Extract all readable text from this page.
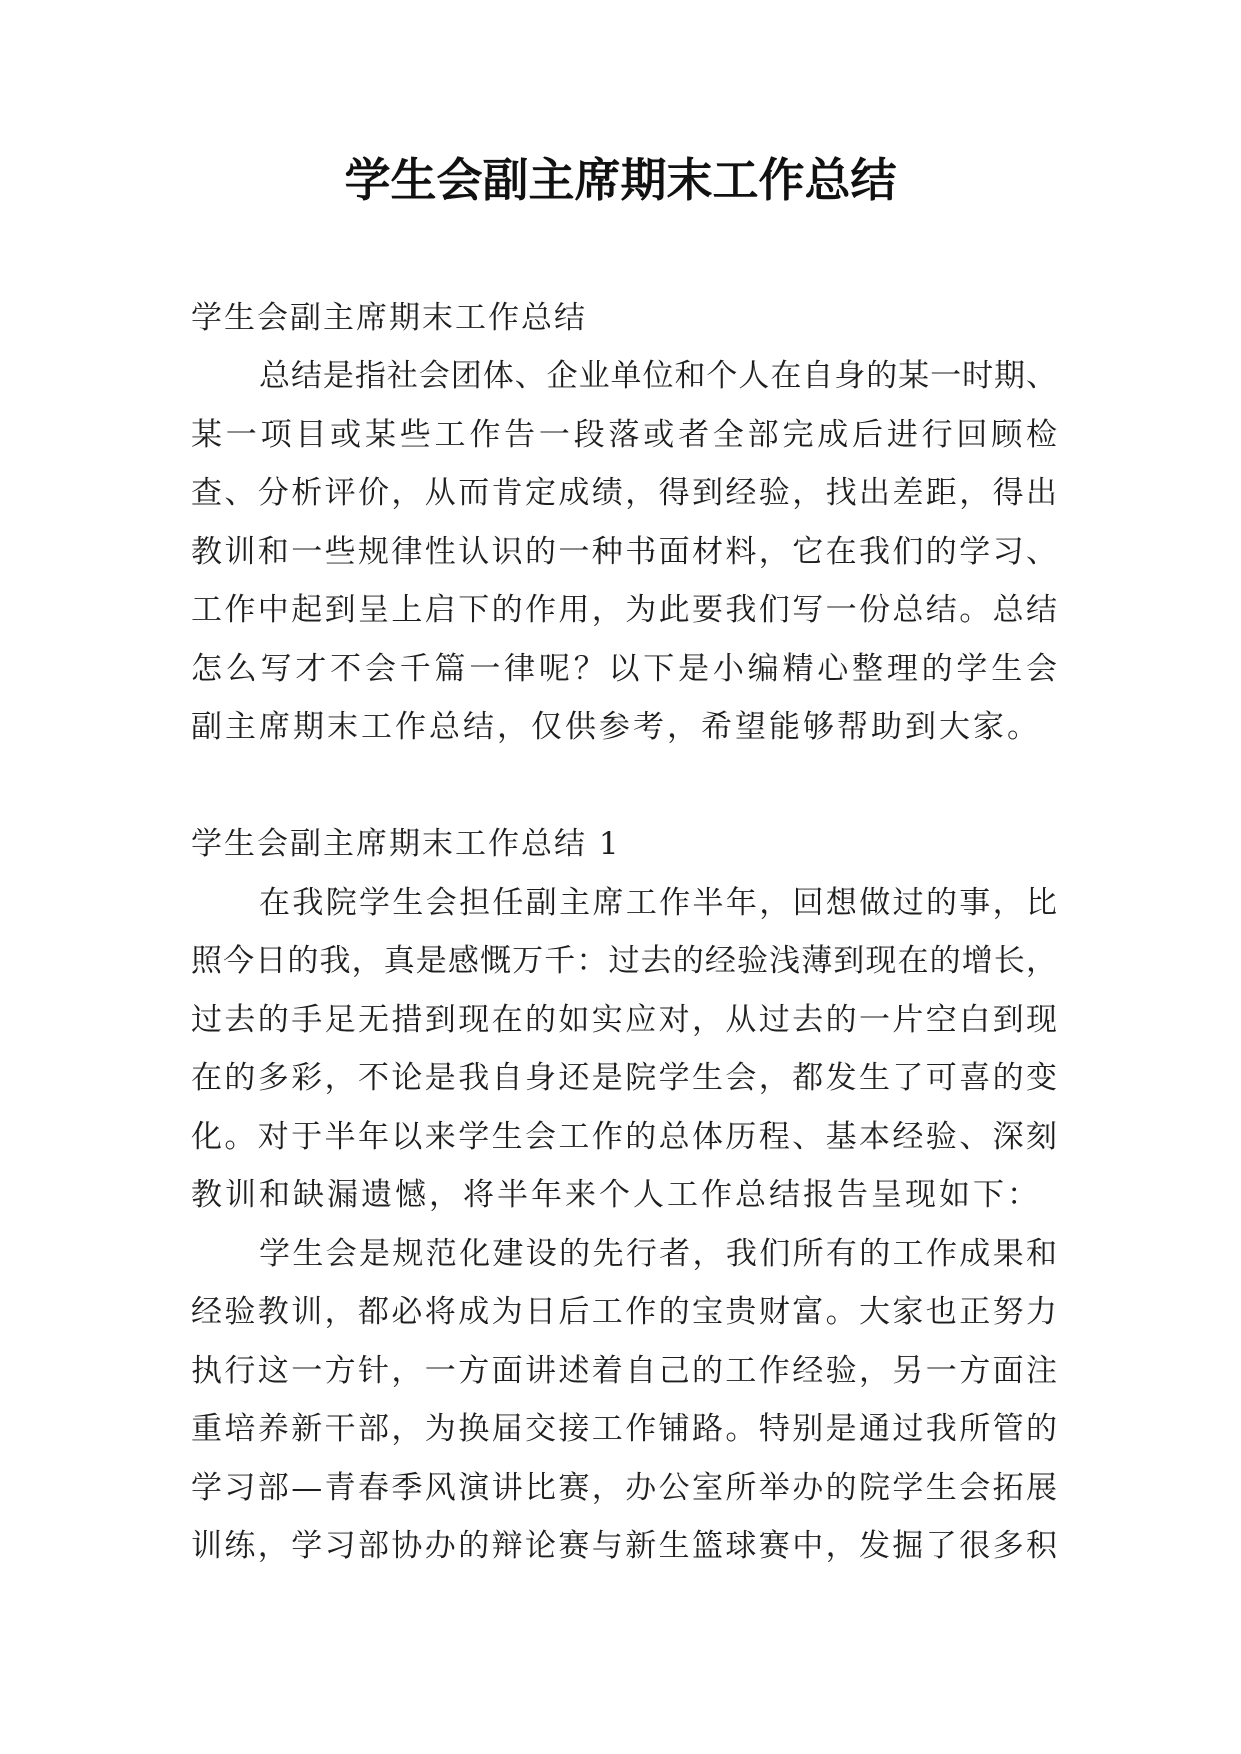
学生会副主席期末工作总结
学生会副主席期末工作总结
总结是指社会团体、企业单位和个人在自身的某一时期、
某一项目或某些工作告一段落或者全部完成后进行回顾检
查、分析评价，从而肯定成绩，得到经验，找出差距，得出
教训和一些规律性认识的一种书面材料，它在我们的学习、
工作中起到呈上启下的作用，为此要我们写一份总结。总结
怎么写才不会千篇一律呢？以下是小编精心整理的学生会
副主席期末工作总结，仅供参考，希望能够帮助到大家。
学生会副主席期末工作总结 1
在我院学生会担任副主席工作半年，回想做过的事，比
照今日的我，真是感慨万千：过去的经验浅薄到现在的增长，
过去的手足无措到现在的如实应对，从过去的一片空白到现
在的多彩，不论是我自身还是院学生会，都发生了可喜的变
化。对于半年以来学生会工作的总体历程、基本经验、深刻
教训和缺漏遗憾，将半年来个人工作总结报告呈现如下：
学生会是规范化建设的先行者，我们所有的工作成果和
经验教训，都必将成为日后工作的宝贵财富。大家也正努力
执行这一方针，一方面讲述着自己的工作经验，另一方面注
重培养新干部，为换届交接工作铺路。特别是通过我所管的
学习部—青春季风演讲比赛，办公室所举办的院学生会拓展
训练，学习部协办的辩论赛与新生篮球赛中，发掘了很多积
